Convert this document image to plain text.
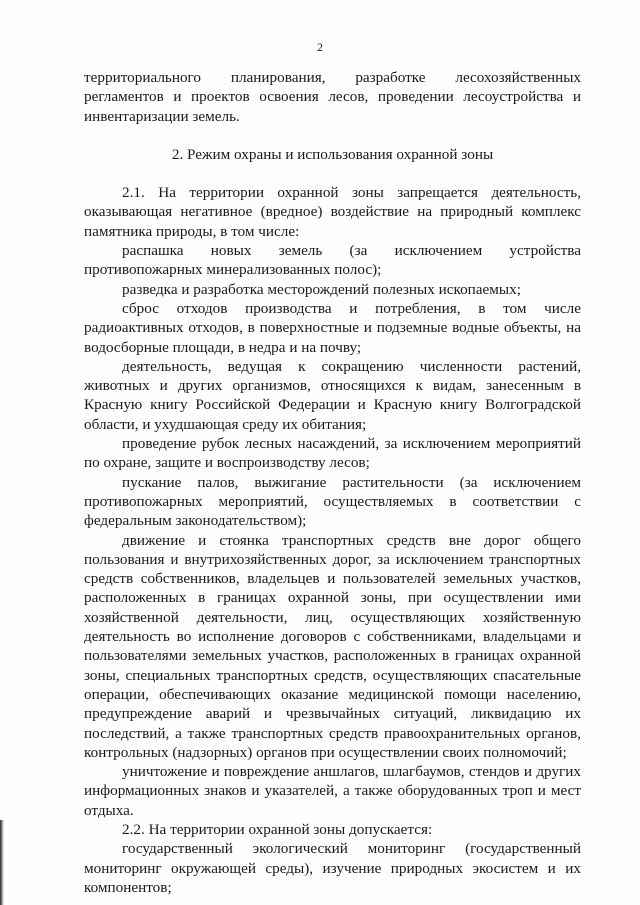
2

территориального планирования, разработке лесохозяйственных регламентов и проектов освоения лесов, проведении лесоустройства и инвентаризации земель.

2. Режим охраны и использования охранной зоны

2.1. На территории охранной зоны запрещается деятельность, оказывающая негативное (вредное) воздействие на природный комплекс памятника природы, в том числе:

распашка новых земель (за исключением устройства противопожарных минерализованных полос);

разведка и разработка месторождений полезных ископаемых;

сброс отходов производства и потребления, в том числе радиоактивных отходов, в поверхностные и подземные водные объекты, на водосборные площади, в недра и на почву;

деятельность, ведущая к сокращению численности растений, животных и других организмов, относящихся к видам, занесенным в Красную книгу Российской Федерации и Красную книгу Волгоградской области, и ухудшающая среду их обитания;

проведение рубок лесных насаждений, за исключением мероприятий по охране, защите и воспроизводству лесов;

пускание палов, выжигание растительности (за исключением противопожарных мероприятий, осуществляемых в соответствии с федеральным законодательством);

движение и стоянка транспортных средств вне дорог общего пользования и внутрихозяйственных дорог, за исключением транспортных средств собственников, владельцев и пользователей земельных участков, расположенных в границах охранной зоны, при осуществлении ими хозяйственной деятельности, лиц, осуществляющих хозяйственную деятельность во исполнение договоров с собственниками, владельцами и пользователями земельных участков, расположенных в границах охранной зоны, специальных транспортных средств, осуществляющих спасательные операции, обеспечивающих оказание медицинской помощи населению, предупреждение аварий и чрезвычайных ситуаций, ликвидацию их последствий, а также транспортных средств правоохранительных органов, контрольных (надзорных) органов при осуществлении своих полномочий;

уничтожение и повреждение аншлагов, шлагбаумов, стендов и других информационных знаков и указателей, а также оборудованных троп и мест отдыха.

2.2. На территории охранной зоны допускается:

государственный экологический мониторинг (государственный мониторинг окружающей среды), изучение природных экосистем и их компонентов;
